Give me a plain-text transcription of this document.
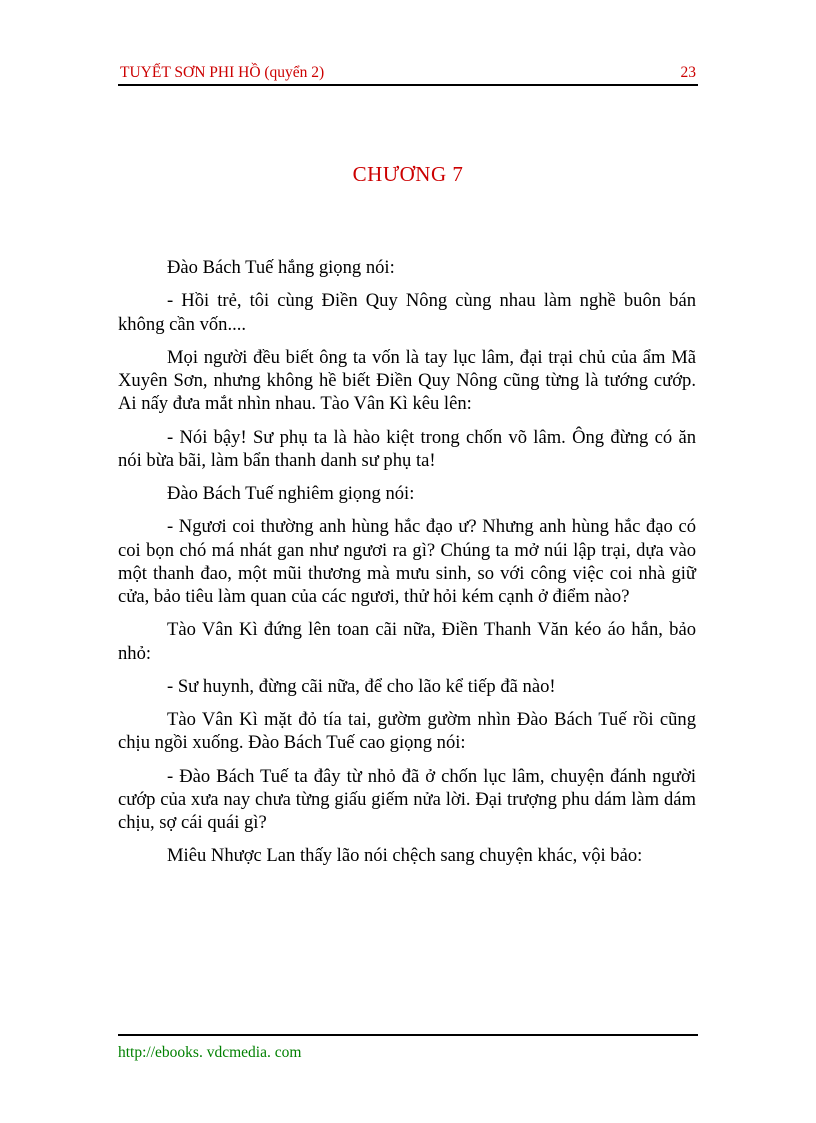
TUYẾT SƠN PHI HỒ (quyển 2)	23
CHƯƠNG 7

Đào Bách Tuế hắng giọng nói:

- Hồi trẻ, tôi cùng Điền Quy Nông cùng nhau làm nghề buôn bán không cần vốn....

Mọi người đều biết ông ta vốn là tay lục lâm, đại trại chủ của ẩm Mã Xuyên Sơn, nhưng không hề biết Điền Quy Nông cũng từng là tướng cướp. Ai nấy đưa mắt nhìn nhau. Tào Vân Kì kêu lên:

- Nói bậy! Sư phụ ta là hào kiệt trong chốn võ lâm. Ông đừng có ăn nói bừa bãi, làm bẩn thanh danh sư phụ ta!

Đào Bách Tuế nghiêm giọng nói:

- Ngươi coi thường anh hùng hắc đạo ư? Nhưng anh hùng hắc đạo có coi bọn chó má nhát gan như ngươi ra gì? Chúng ta mở núi lập trại, dựa vào một thanh đao, một mũi thương mà mưu sinh, so với công việc coi nhà giữ cửa, bảo tiêu làm quan của các ngươi, thử hỏi kém cạnh ở điểm nào?

Tào Vân Kì đứng lên toan cãi nữa, Điền Thanh Văn kéo áo hắn, bảo nhỏ:

- Sư huynh, đừng cãi nữa, để cho lão kể tiếp đã nào!

Tào Vân Kì mặt đỏ tía tai, gườm gườm nhìn Đào Bách Tuế rồi cũng chịu ngồi xuống. Đào Bách Tuế cao giọng nói:

- Đào Bách Tuế ta đây từ nhỏ đã ở chốn lục lâm, chuyện đánh người cướp của xưa nay chưa từng giấu giếm nửa lời. Đại trượng phu dám làm dám chịu, sợ cái quái gì?

Miêu Nhược Lan thấy lão nói chệch sang chuyện khác, vội bảo:

http://ebooks. vdcmedia. com
